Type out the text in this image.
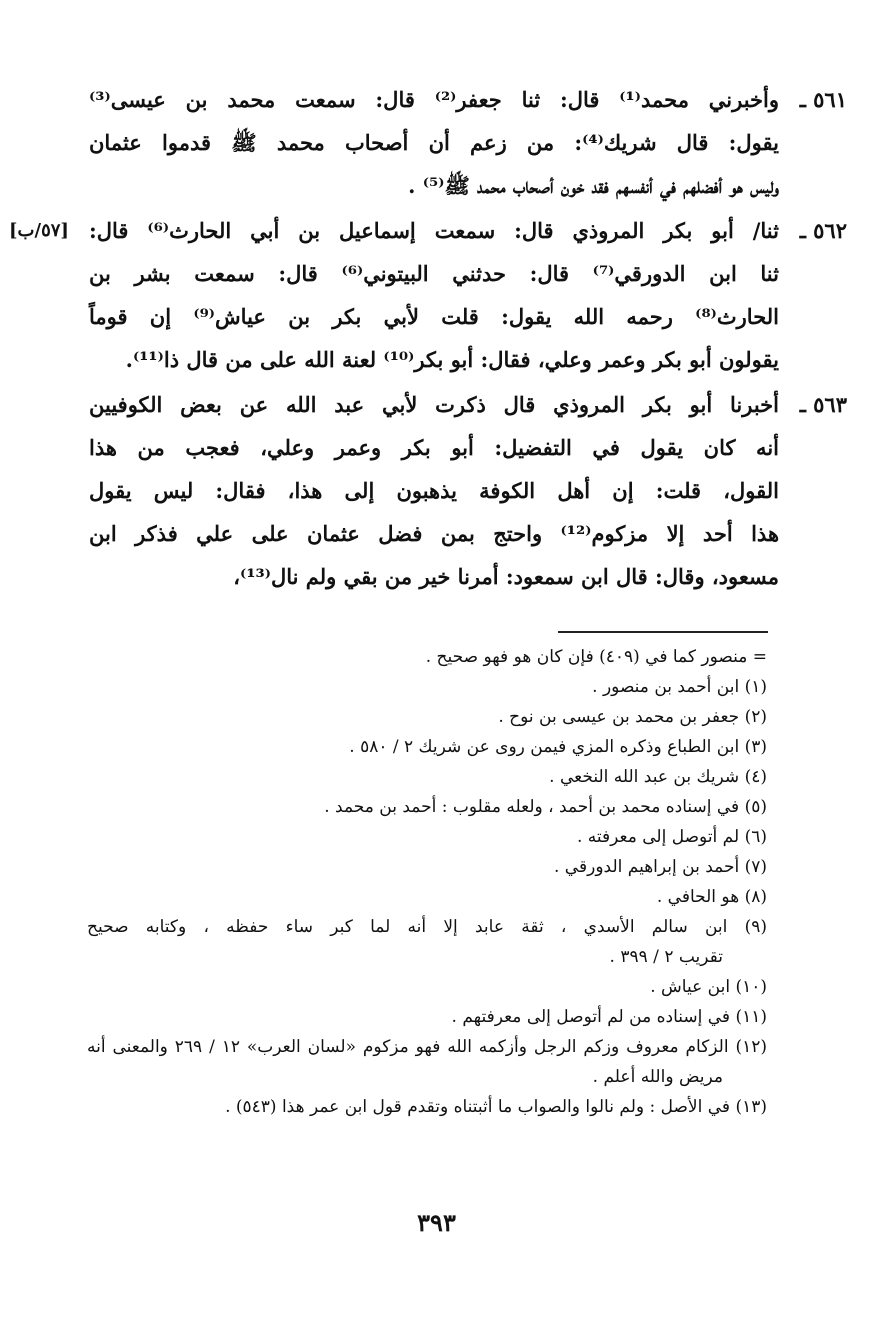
٥٦١ ـ
وأخبرني محمد⁽¹⁾ قال: ثنا جعفر⁽²⁾ قال: سمعت محمد بن عيسى⁽³⁾
يقول: قال شريك⁽⁴⁾: من زعم أن أصحاب محمد ﷺ قدموا عثمان
وليس هو أفضلهم في أنفسهم فقد خون أصحاب محمد ﷺ⁽⁵⁾ .
٥٦٢ ـ
[٥٧/ب] ثنا/ أبو بكر المروذي قال: سمعت إسماعيل بن أبي الحارث⁽⁶⁾ قال:
ثنا ابن الدورقي⁽⁷⁾ قال: حدثني البيتوني⁽⁶⁾ قال: سمعت بشر بن
الحارث⁽⁸⁾ رحمه الله يقول: قلت لأبي بكر بن عياش⁽⁹⁾ إن قوماً
يقولون أبو بكر وعمر وعلي، فقال: أبو بكر⁽¹⁰⁾ لعنة الله على من قال ذا⁽¹¹⁾.
٥٦٣ ـ
أخبرنا أبو بكر المروذي قال ذكرت لأبي عبد الله عن بعض الكوفيين
أنه كان يقول في التفضيل: أبو بكر وعمر وعلي، فعجب من هذا
القول، قلت: إن أهل الكوفة يذهبون إلى هذا، فقال: ليس يقول
هذا أحد إلا مزكوم⁽¹²⁾ واحتج بمن فضل عثمان على علي فذكر ابن
مسعود، وقال: قال ابن سمعود: أمرنا خير من بقي ولم نال⁽¹³⁾،
= منصور كما في (٤٠٩) فإن كان هو فهو صحيح .
(١) ابن أحمد بن منصور .
(٢) جعفر بن محمد بن عيسى بن نوح .
(٣) ابن الطباع وذكره المزي فيمن روى عن شريك ٢ / ٥٨٠ .
(٤) شريك بن عبد الله النخعي .
(٥) في إسناده محمد بن أحمد ، ولعله مقلوب : أحمد بن محمد .
(٦) لم أتوصل إلى معرفته .
(٧) أحمد بن إبراهيم الدورقي .
(٨) هو الحافي .
(٩) ابن سالم الأسدي ، ثقة عابد إلا أنه لما كبر ساء حفظه ، وكتابه صحيح
تقريب ٢ / ٣٩٩ .
(١٠) ابن عياش .
(١١) في إسناده من لم أتوصل إلى معرفتهم .
(١٢) الزكام معروف وزكم الرجل وأزكمه الله فهو مزكوم «لسان العرب» ١٢ / ٢٦٩ والمعنى أنه
مريض والله أعلم .
(١٣) في الأصل : ولم نالوا والصواب ما أثبتناه وتقدم قول ابن عمر هذا (٥٤٣) .
٣٩٣
